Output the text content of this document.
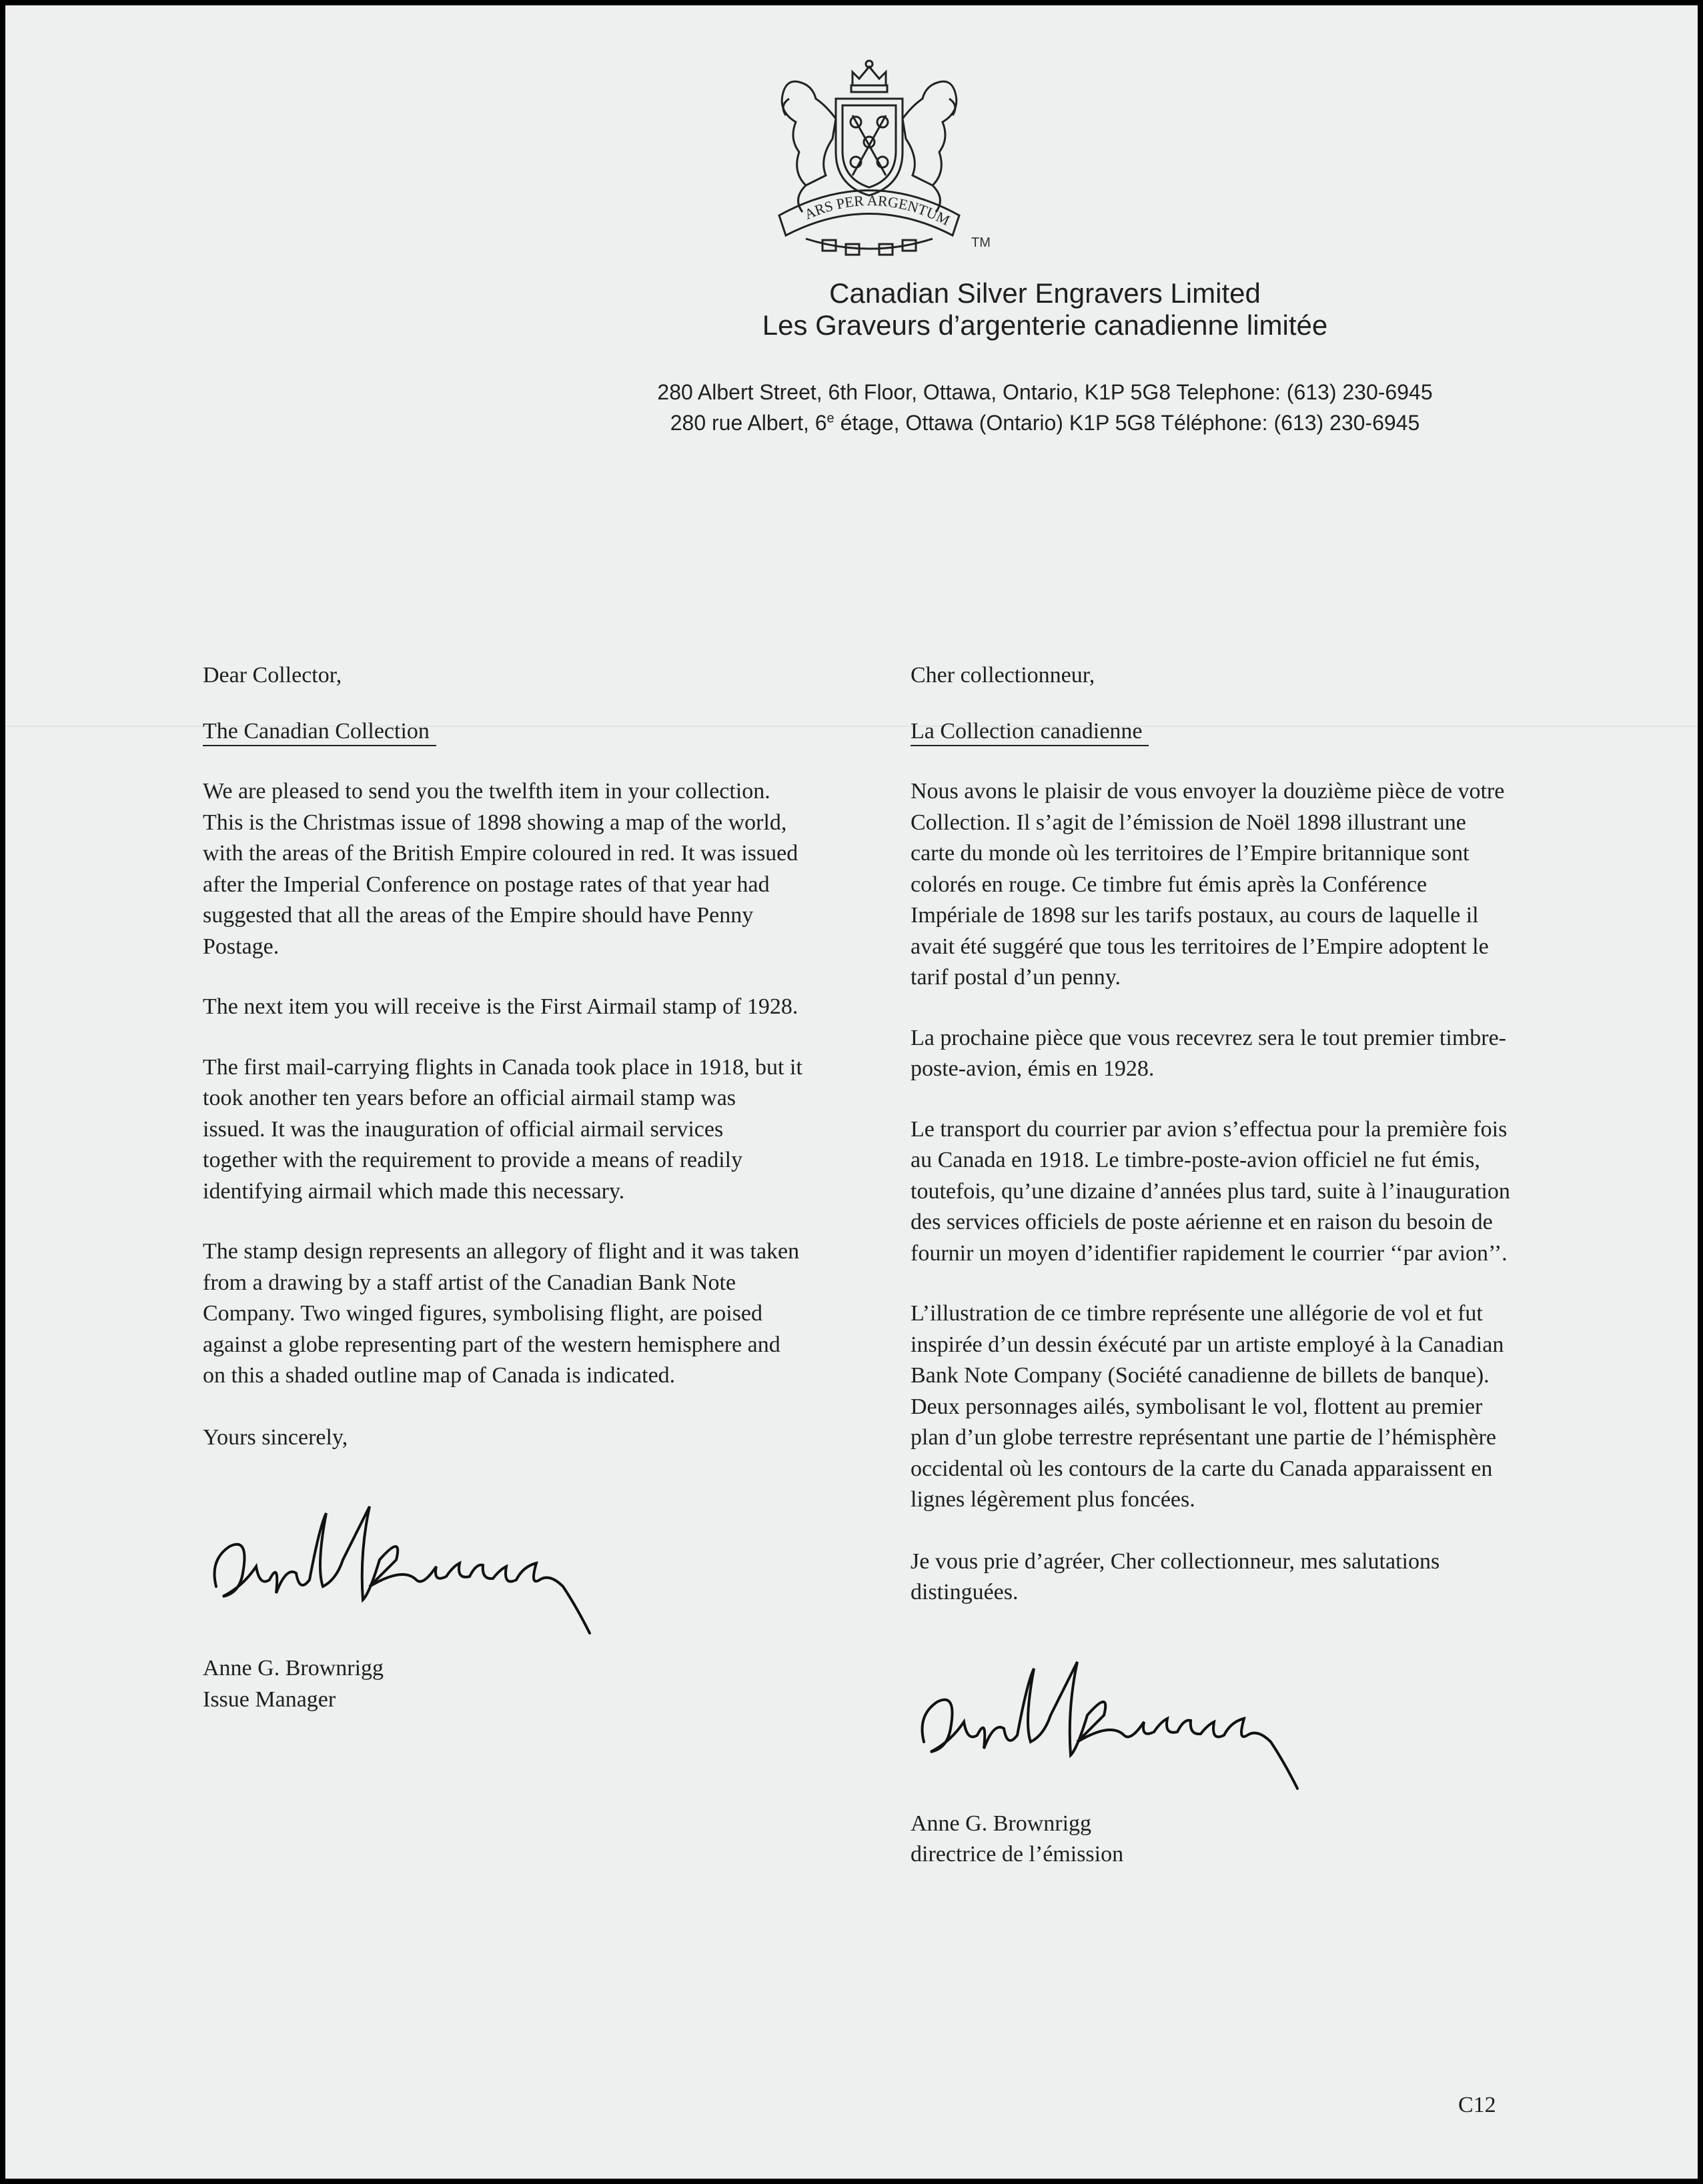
ARS PER ARGENTUM
TM
Canadian Silver Engravers Limited
Les Graveurs d’argenterie canadienne limitée
280 Albert Street, 6th Floor, Ottawa, Ontario, K1P 5G8 Telephone: (613) 230-6945
280 rue Albert, 6e étage, Ottawa (Ontario) K1P 5G8 Téléphone: (613) 230-6945

Dear Collector,

The Canadian Collection

We are pleased to send you the twelfth item in your collection. This is the Christmas issue of 1898 showing a map of the world, with the areas of the British Empire coloured in red. It was issued after the Imperial Conference on postage rates of that year had suggested that all the areas of the Empire should have Penny Postage.

The next item you will receive is the First Airmail stamp of 1928.

The first mail-carrying flights in Canada took place in 1918, but it took another ten years before an official airmail stamp was issued. It was the inauguration of official airmail services together with the requirement to provide a means of readily identifying airmail which made this necessary.

The stamp design represents an allegory of flight and it was taken from a drawing by a staff artist of the Canadian Bank Note Company. Two winged figures, symbolising flight, are poised against a globe representing part of the western hemisphere and on this a shaded outline map of Canada is indicated.

Yours sincerely,

Anne G. Brownrigg

Issue Manager

Cher collectionneur,

La Collection canadienne

Nous avons le plaisir de vous envoyer la douzième pièce de votre Collection. Il s’agit de l’émission de Noël 1898 illustrant une carte du monde où les territoires de l’Empire britannique sont colorés en rouge. Ce timbre fut émis après la Conférence Impériale de 1898 sur les tarifs postaux, au cours de laquelle il avait été suggéré que tous les territoires de l’Empire adoptent le tarif postal d’un penny.

La prochaine pièce que vous recevrez sera le tout premier timbre-poste-avion, émis en 1928.

Le transport du courrier par avion s’effectua pour la première fois au Canada en 1918. Le timbre-poste-avion officiel ne fut émis, toutefois, qu’une dizaine d’années plus tard, suite à l’inauguration des services officiels de poste aérienne et en raison du besoin de fournir un moyen d’identifier rapidement le courrier ‘‘par avion’’.

L’illustration de ce timbre représente une allégorie de vol et fut inspirée d’un dessin éxécuté par un artiste employé à la Canadian Bank Note Company (Société canadienne de billets de banque). Deux personnages ailés, symbolisant le vol, flottent au premier plan d’un globe terrestre représentant une partie de l’hémisphère occidental où les contours de la carte du Canada apparaissent en lignes légèrement plus foncées.

Je vous prie d’agréer, Cher collectionneur, mes salutations distinguées.

Anne G. Brownrigg

directrice de l’émission

C12
